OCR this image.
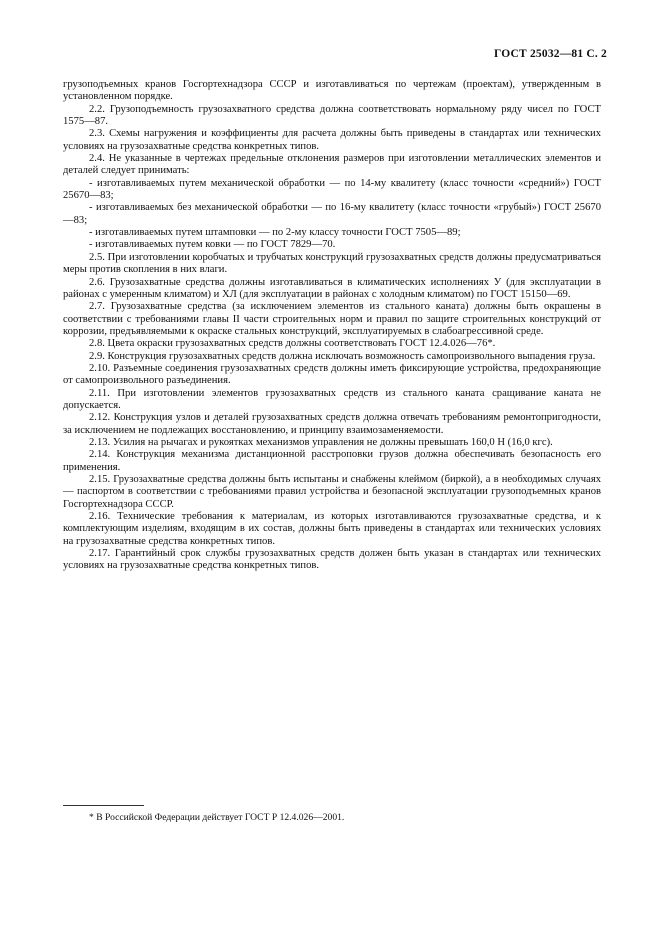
ГОСТ 25032—81 С. 2

грузоподъемных кранов Госгортехнадзора СССР и изготавливаться по чертежам (проектам), утвержденным в установленном порядке.

2.2. Грузоподъемность грузозахватного средства должна соответствовать нормальному ряду чисел по ГОСТ 1575—87.

2.3. Схемы нагружения и коэффициенты для расчета должны быть приведены в стандартах или технических условиях на грузозахватные средства конкретных типов.

2.4. Не указанные в чертежах предельные отклонения размеров при изготовлении металлических элементов и деталей следует принимать:

- изготавливаемых путем механической обработки — по 14-му квалитету (класс точности «средний») ГОСТ 25670—83;

- изготавливаемых без механической обработки — по 16-му квалитету (класс точности «грубый») ГОСТ 25670—83;

- изготавливаемых путем штамповки — по 2-му классу точности ГОСТ 7505—89;

- изготавливаемых путем ковки — по ГОСТ 7829—70.

2.5. При изготовлении коробчатых и трубчатых конструкций грузозахватных средств должны предусматриваться меры против скопления в них влаги.

2.6. Грузозахватные средства должны изготавливаться в климатических исполнениях У (для эксплуатации в районах с умеренным климатом) и ХЛ (для эксплуатации в районах с холодным климатом) по ГОСТ 15150—69.

2.7. Грузозахватные средства (за исключением элементов из стального каната) должны быть окрашены в соответствии с требованиями главы II части строительных норм и правил по защите строительных конструкций от коррозии, предъявляемыми к окраске стальных конструкций, эксплуатируемых в слабоагрессивной среде.

2.8. Цвета окраски грузозахватных средств должны соответствовать ГОСТ 12.4.026—76*.

2.9. Конструкция грузозахватных средств должна исключать возможность самопроизвольного выпадения груза.

2.10. Разъемные соединения грузозахватных средств должны иметь фиксирующие устройства, предохраняющие от самопроизвольного разъединения.

2.11. При изготовлении элементов грузозахватных средств из стального каната сращивание каната не допускается.

2.12. Конструкция узлов и деталей грузозахватных средств должна отвечать требованиям ремонтопригодности, за исключением не подлежащих восстановлению, и принципу взаимозаменяемости.

2.13. Усилия на рычагах и рукоятках механизмов управления не должны превышать 160,0 Н (16,0 кгс).

2.14. Конструкция механизма дистанционной расстроповки грузов должна обеспечивать безопасность его применения.

2.15. Грузозахватные средства должны быть испытаны и снабжены клеймом (биркой), а в необходимых случаях — паспортом в соответствии с требованиями правил устройства и безопасной эксплуатации грузоподъемных кранов Госгортехнадзора СССР.

2.16. Технические требования к материалам, из которых изготавливаются грузозахватные средства, и к комплектующим изделиям, входящим в их состав, должны быть приведены в стандартах или технических условиях на грузозахватные средства конкретных типов.

2.17. Гарантийный срок службы грузозахватных средств должен быть указан в стандартах или технических условиях на грузозахватные средства конкретных типов.

* В Российской Федерации действует ГОСТ Р 12.4.026—2001.
